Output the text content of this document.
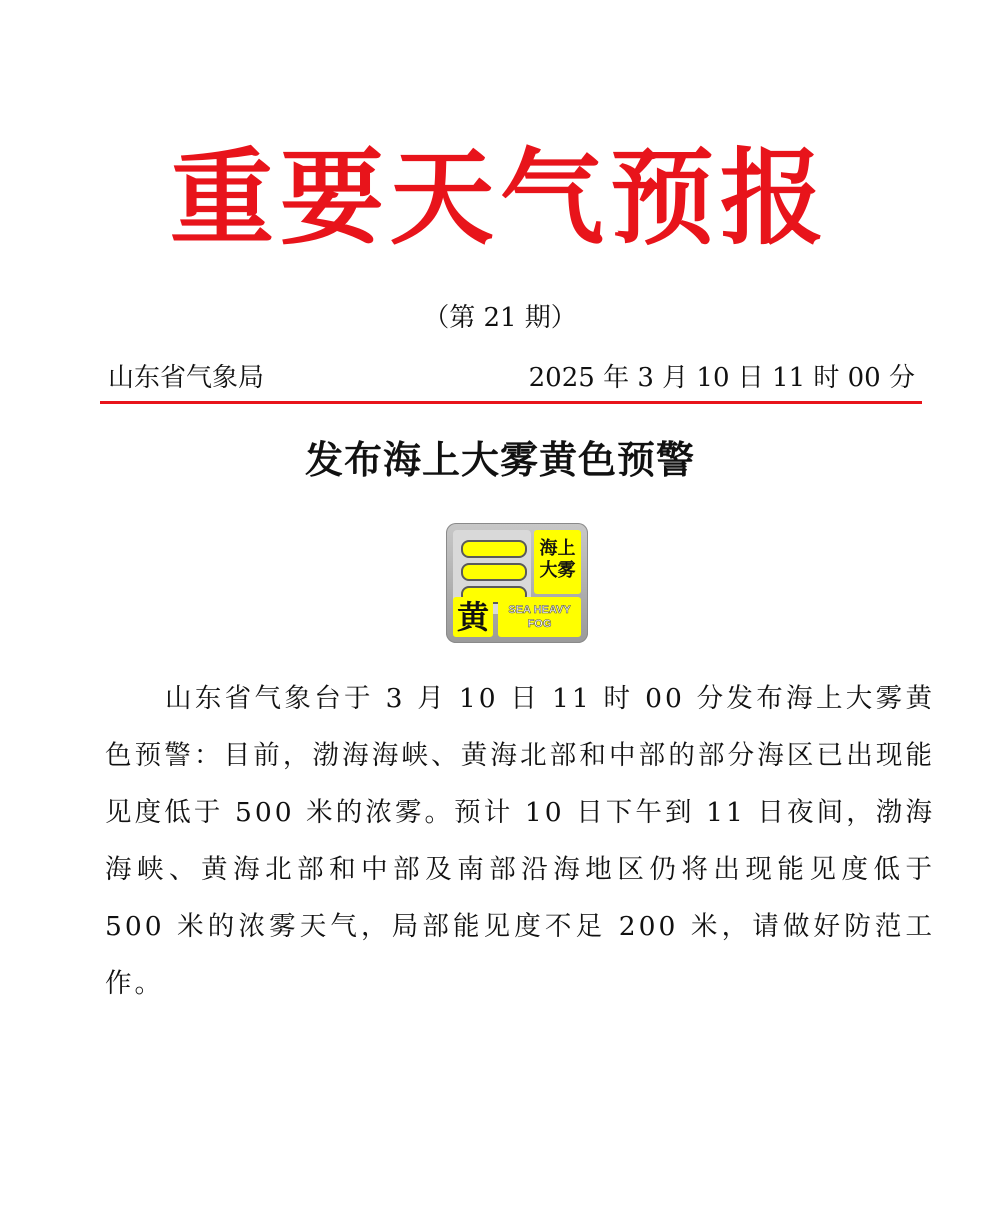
重要天气预报
（第 21 期）
山东省气象局	2025 年 3 月 10 日 11 时 00 分
发布海上大雾黄色预警
海上
大雾
黄	SEA HEAVY
FOG

山东省气象台于 3 月 10 日 11 时 00 分发布海上大雾黄色预警：目前，渤海海峡、黄海北部和中部的部分海区已出现能见度低于 500 米的浓雾。预计 10 日下午到 11 日夜间，渤海海峡、黄海北部和中部及南部沿海地区仍将出现能见度低于 500 米的浓雾天气，局部能见度不足 200 米，请做好防范工作。
